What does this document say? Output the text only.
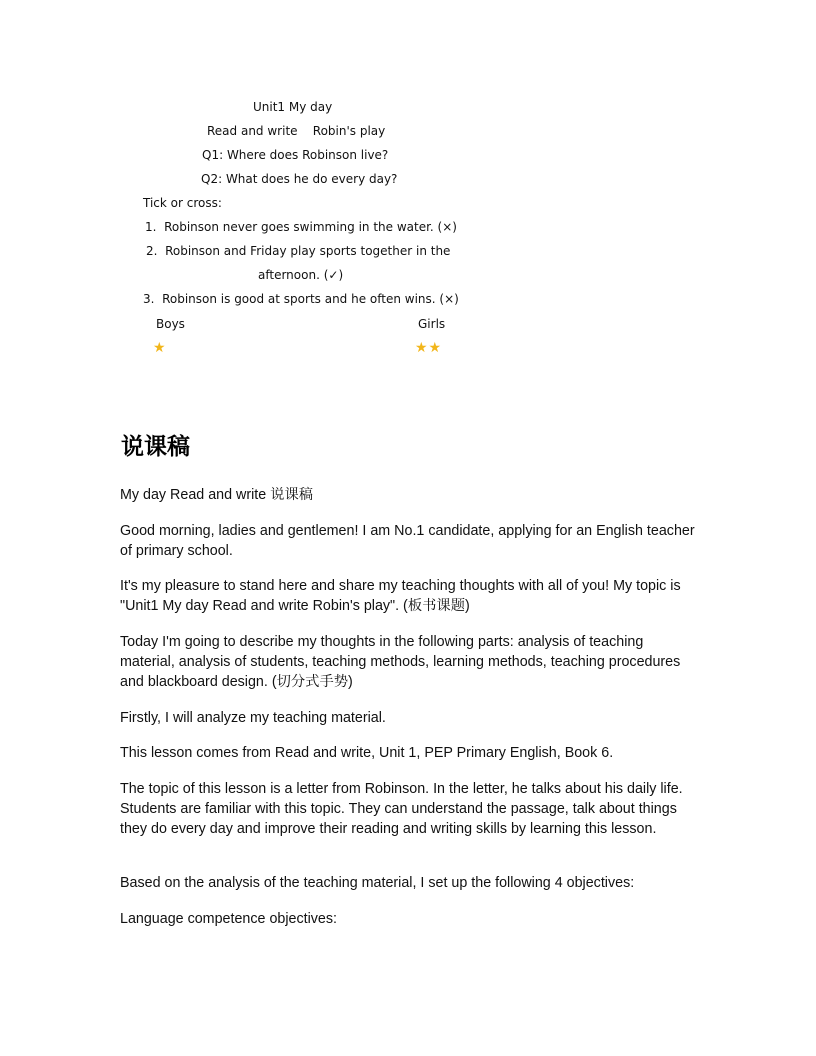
Unit1 My day
Read and write    Robin's play
Q1: Where does Robinson live?
Q2: What does he do every day?
Tick or cross:
1.  Robinson never goes swimming in the water. (×)
2.  Robinson and Friday play sports together in the
afternoon. (✓)
3.  Robinson is good at sports and he often wins. (×)
Boys	Girls
★	★★
说课稿
My day Read and write 说课稿
Good morning, ladies and gentlemen! I am No.1 candidate, applying for an English teacher of primary school.
It's my pleasure to stand here and share my teaching thoughts with all of you! My topic is "Unit1 My day Read and write Robin's play". (板书课题)
Today I'm going to describe my thoughts in the following parts: analysis of teaching material, analysis of students, teaching methods, learning methods, teaching procedures and blackboard design. (切分式手势)
Firstly, I will analyze my teaching material.
This lesson comes from Read and write, Unit 1, PEP Primary English, Book 6.
The topic of this lesson is a letter from Robinson. In the letter, he talks about his daily life. Students are familiar with this topic. They can understand the passage, talk about things they do every day and improve their reading and writing skills by learning this lesson.
Based on the analysis of the teaching material, I set up the following 4 objectives:
Language competence objectives:
